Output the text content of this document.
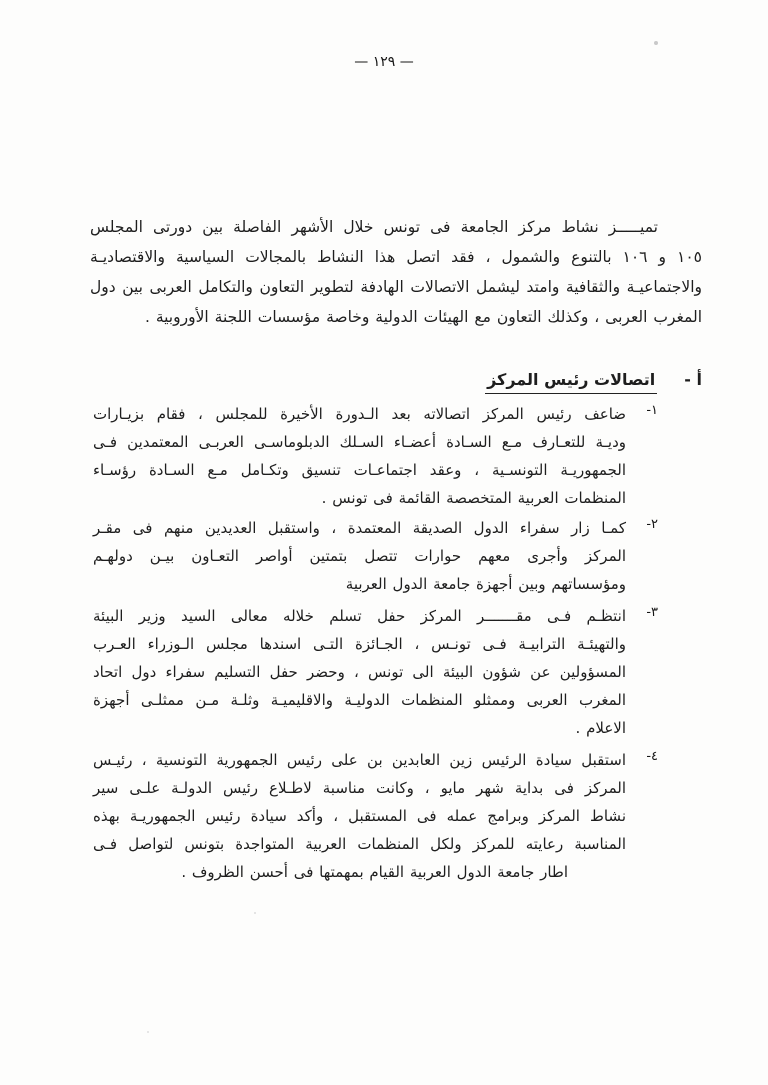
— ١٢٩ —
تميـــــز نشاط مركز الجامعة فى تونس خلال الأشهر الفاصلة بين دورتى المجلس
١٠٥ و ١٠٦ بالتنوع والشمول ، فقد اتصل هذا النشاط بالمجالات السياسية والاقتصاديـة
والاجتماعيـة والثقافية وامتد ليشمل الاتصالات الهادفة لتطوير التعاون والتكامل العربى بين دول
المغرب العربى ، وكذلك التعاون مع الهيئات الدولية وخاصة مؤسسات اللجنة الأوروبية .
أ -
اتصالات رئيس المركز
١-
ضاعف رئيس المركز اتصالاته بعد الـدورة الأخيرة للمجلس ، فقام بزيـارات
وديـة للتعـارف مـع السـادة أعضـاء السـلك الدبلوماسـى العربـى المعتمدين فـى
الجمهوريـة التونسـية ، وعقد اجتماعـات تنسيق وتكـامل مـع السـادة رؤسـاء
المنظمات العربية المتخصصة القائمة فى تونس .
٢-
كمـا زار سفراء الدول الصديقة المعتمدة ، واستقبل العديدين منهم فى مقـر
المركز وأجرى معهم حوارات تتصل بتمتين أواصر التعـاون بيـن دولهـم
ومؤسساتهم وبين أجهزة جامعة الدول العربية
٣-
انتظـم فـى مقـــــــر المركز حفل تسلم خلاله معالى السيد وزير البيئة
والتهيئـة الترابيـة فـى تونـس ، الجـائزة التـى اسندها مجلس الـوزراء العـرب
المسؤولين عن شؤون البيئة الى تونس ، وحضر حفل التسليم سفراء دول اتحاد
المغرب العربى وممثلو المنظمات الدوليـة والاقليميـة وثلـة مـن ممثلـى أجهزة
الاعلام .
٤-
استقبل سيادة الرئيس زين العابدين بن على رئيس الجمهورية التونسية ، رئيـس
المركز فى بداية شهر مايو ، وكانت مناسبة لاطـلاع رئيس الدولـة علـى سير
نشاط المركز وبرامج عمله فى المستقبل ، وأكد سيادة رئيس الجمهوريـة بهذه
المناسبة رعايته للمركز ولكل المنظمات العربية المتواجدة بتونس لتواصل فـى
اطار جامعة الدول العربية القيام بمهمتها فى أحسن الظروف .
